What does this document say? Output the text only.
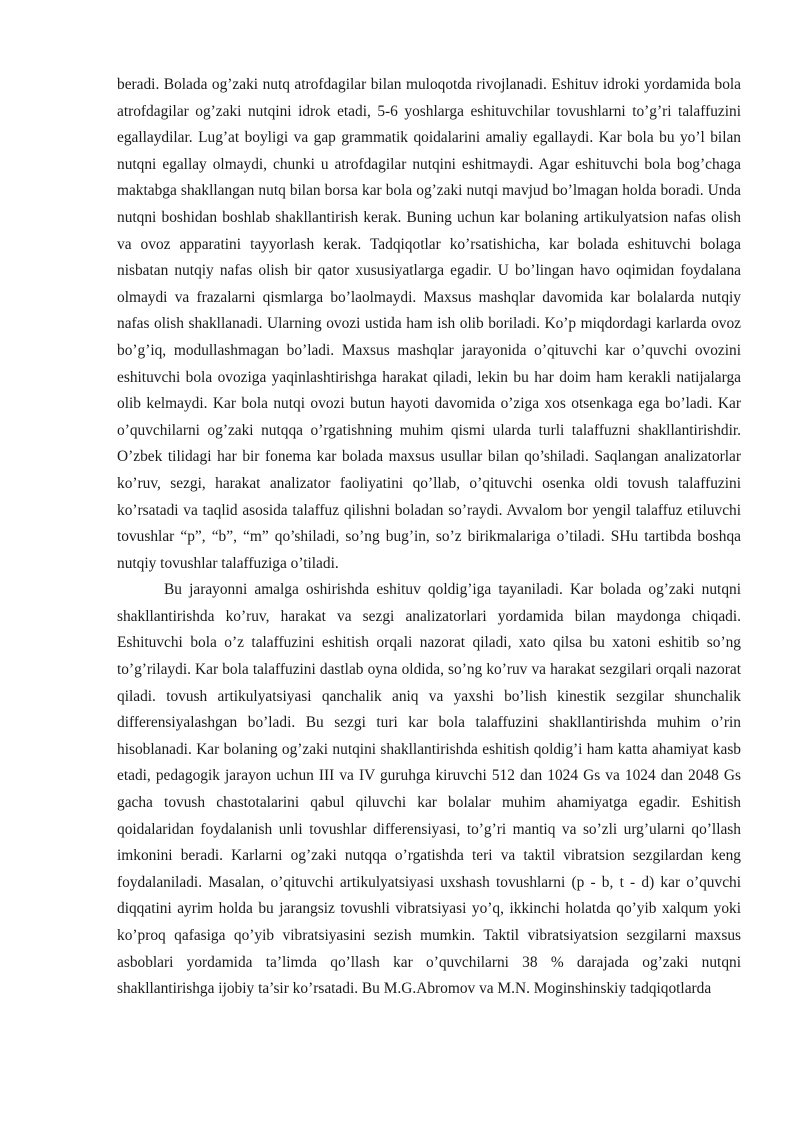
beradi. Bolada og’zaki nutq atrofdagilar bilan muloqotda rivojlanadi. Eshituv idroki yordamida bola atrofdagilar og’zaki nutqini idrok etadi, 5-6 yoshlarga eshituvchilar tovushlarni to’g’ri talaffuzini egallaydilar. Lug’at boyligi va gap grammatik qoidalarini amaliy egallaydi. Kar bola bu yo’l bilan nutqni egallay olmaydi, chunki u atrofdagilar nutqini eshitmaydi. Agar eshituvchi bola bog’chaga maktabga shakllangan nutq bilan borsa kar bola og’zaki nutqi mavjud bo’lmagan holda boradi. Unda nutqni boshidan boshlab shakllantirish kerak. Buning uchun kar bolaning artikulyatsion nafas olish va ovoz apparatini tayyorlash kerak. Tadqiqotlar ko’rsatishicha, kar bolada eshituvchi bolaga nisbatan nutqiy nafas olish bir qator xususiyatlarga egadir. U bo’lingan havo oqimidan foydalana olmaydi va frazalarni qismlarga bo’laolmaydi. Maxsus mashqlar davomida kar bolalarda nutqiy nafas olish shakllanadi. Ularning ovozi ustida ham ish olib boriladi. Ko’p miqdordagi karlarda ovoz bo’g’iq, modullashmagan bo’ladi. Maxsus mashqlar jarayonida o’qituvchi kar o’quvchi ovozini eshituvchi bola ovoziga yaqinlashtirishga harakat qiladi, lekin bu har doim ham kerakli natijalarga olib kelmaydi. Kar bola nutqi ovozi butun hayoti davomida o’ziga xos otsenkaga ega bo’ladi. Kar o’quvchilarni og’zaki nutqqa o’rgatishning muhim qismi ularda turli talaffuzni shakllantirishdir. O’zbek tilidagi har bir fonema kar bolada maxsus usullar bilan qo’shiladi. Saqlangan analizatorlar ko’ruv, sezgi, harakat analizator faoliyatini qo’llab, o’qituvchi osenka oldi tovush talaffuzini ko’rsatadi va taqlid asosida talaffuz qilishni boladan so’raydi. Avvalom bor yengil talaffuz etiluvchi tovushlar “p”, “b”, “m” qo’shiladi, so’ng bug’in, so’z birikmalariga o’tiladi. SHu tartibda boshqa nutqiy tovushlar talaffuziga o’tiladi.

Bu jarayonni amalga oshirishda eshituv qoldig’iga tayaniladi. Kar bolada og’zaki nutqni shakllantirishda ko’ruv, harakat va sezgi analizatorlari yordamida bilan maydonga chiqadi. Eshituvchi bola o’z talaffuzini eshitish orqali nazorat qiladi, xato qilsa bu xatoni eshitib so’ng to’g’rilaydi. Kar bola talaffuzini dastlab oyna oldida, so’ng ko’ruv va harakat sezgilari orqali nazorat qiladi. tovush artikulyatsiyasi qanchalik aniq va yaxshi bo’lish kinestik sezgilar shunchalik differensiyalashgan bo’ladi. Bu sezgi turi kar bola talaffuzini shakllantirishda muhim o’rin hisoblanadi. Kar bolaning og’zaki nutqini shakllantirishda eshitish qoldig’i ham katta ahamiyat kasb etadi, pedagogik jarayon uchun III va IV guruhga kiruvchi 512 dan 1024 Gs va 1024 dan 2048 Gs gacha tovush chastotalarini qabul qiluvchi kar bolalar muhim ahamiyatga egadir. Eshitish qoidalaridan foydalanish unli tovushlar differensiyasi, to’g’ri mantiq va so’zli urg’ularni qo’llash imkonini beradi. Karlarni og’zaki nutqqa o’rgatishda teri va taktil vibratsion sezgilardan keng foydalaniladi. Masalan, o’qituvchi artikulyatsiyasi uxshash tovushlarni (p - b, t - d) kar o’quvchi diqqatini ayrim holda bu jarangsiz tovushli vibratsiyasi yo’q, ikkinchi holatda qo’yib xalqum yoki ko’proq qafasiga qo’yib vibratsiyasini sezish mumkin. Taktil vibratsiyatsion sezgilarni maxsus asboblari yordamida ta’limda qo’llash kar o’quvchilarni 38 % darajada og’zaki nutqni shakllantirishga ijobiy ta’sir ko’rsatadi. Bu M.G.Abromov va M.N. Moginshinskiy tadqiqotlarda
